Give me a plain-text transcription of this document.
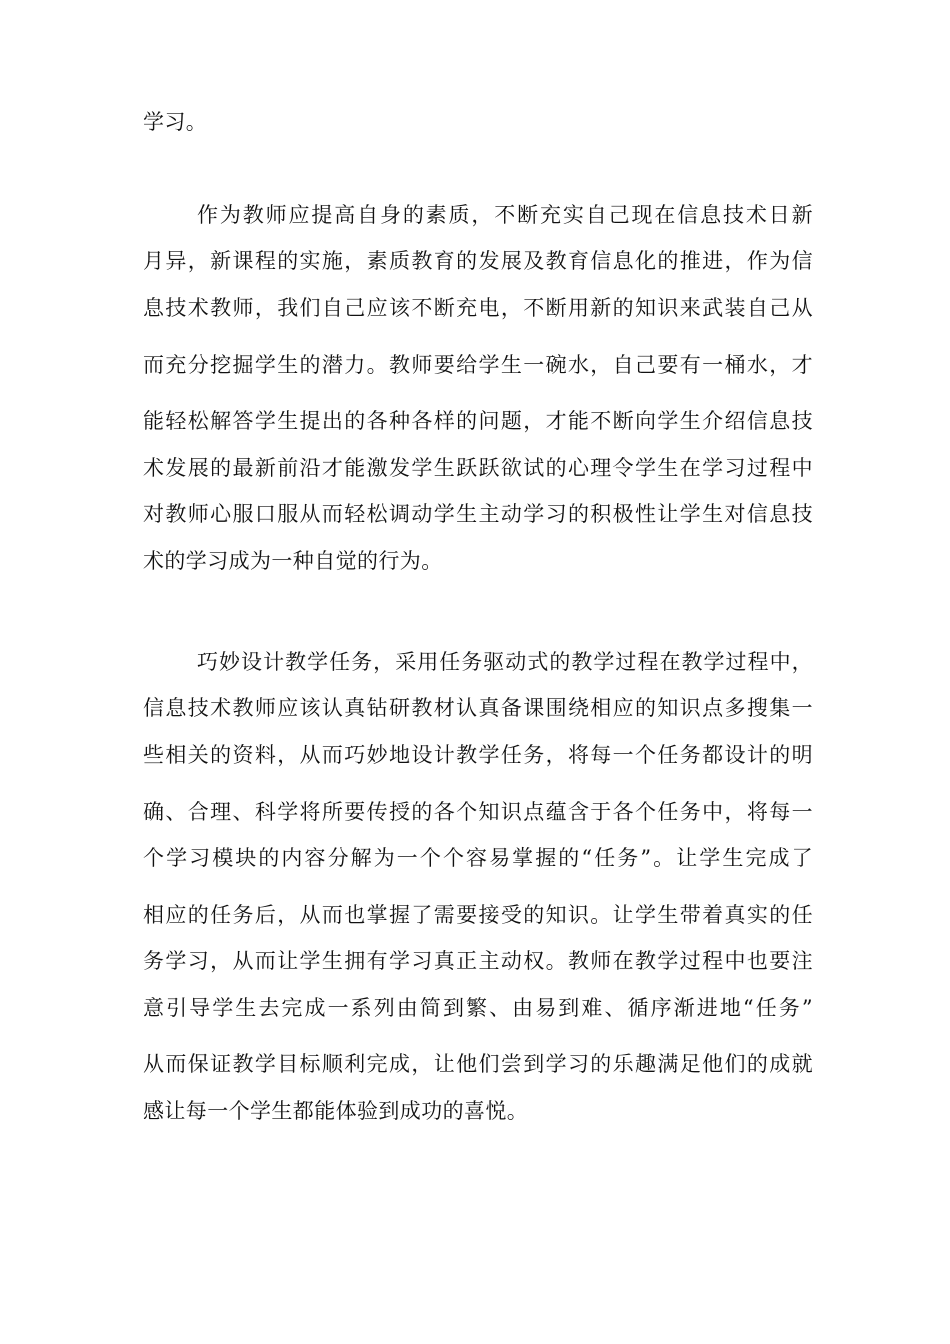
学习。

作为教师应提高自身的素质，不断充实自己现在信息技术日新

月异，新课程的实施，素质教育的发展及教育信息化的推进，作为信

息技术教师，我们自己应该不断充电，不断用新的知识来武装自己从

而充分挖掘学生的潜力。教师要给学生一碗水，自己要有一桶水，才

能轻松解答学生提出的各种各样的问题，才能不断向学生介绍信息技

术发展的最新前沿才能激发学生跃跃欲试的心理令学生在学习过程中

对教师心服口服从而轻松调动学生主动学习的积极性让学生对信息技

术的学习成为一种自觉的行为。

巧妙设计教学任务，采用任务驱动式的教学过程在教学过程中，

信息技术教师应该认真钻研教材认真备课围绕相应的知识点多搜集一

些相关的资料，从而巧妙地设计教学任务，将每一个任务都设计的明

确、合理、科学将所要传授的各个知识点蕴含于各个任务中，将每一

个学习模块的内容分解为一个个容易掌握的“任务”。让学生完成了

相应的任务后，从而也掌握了需要接受的知识。让学生带着真实的任

务学习，从而让学生拥有学习真正主动权。教师在教学过程中也要注

意引导学生去完成一系列由简到繁、由易到难、循序渐进地“任务”

从而保证教学目标顺利完成，让他们尝到学习的乐趣满足他们的成就

感让每一个学生都能体验到成功的喜悦。
